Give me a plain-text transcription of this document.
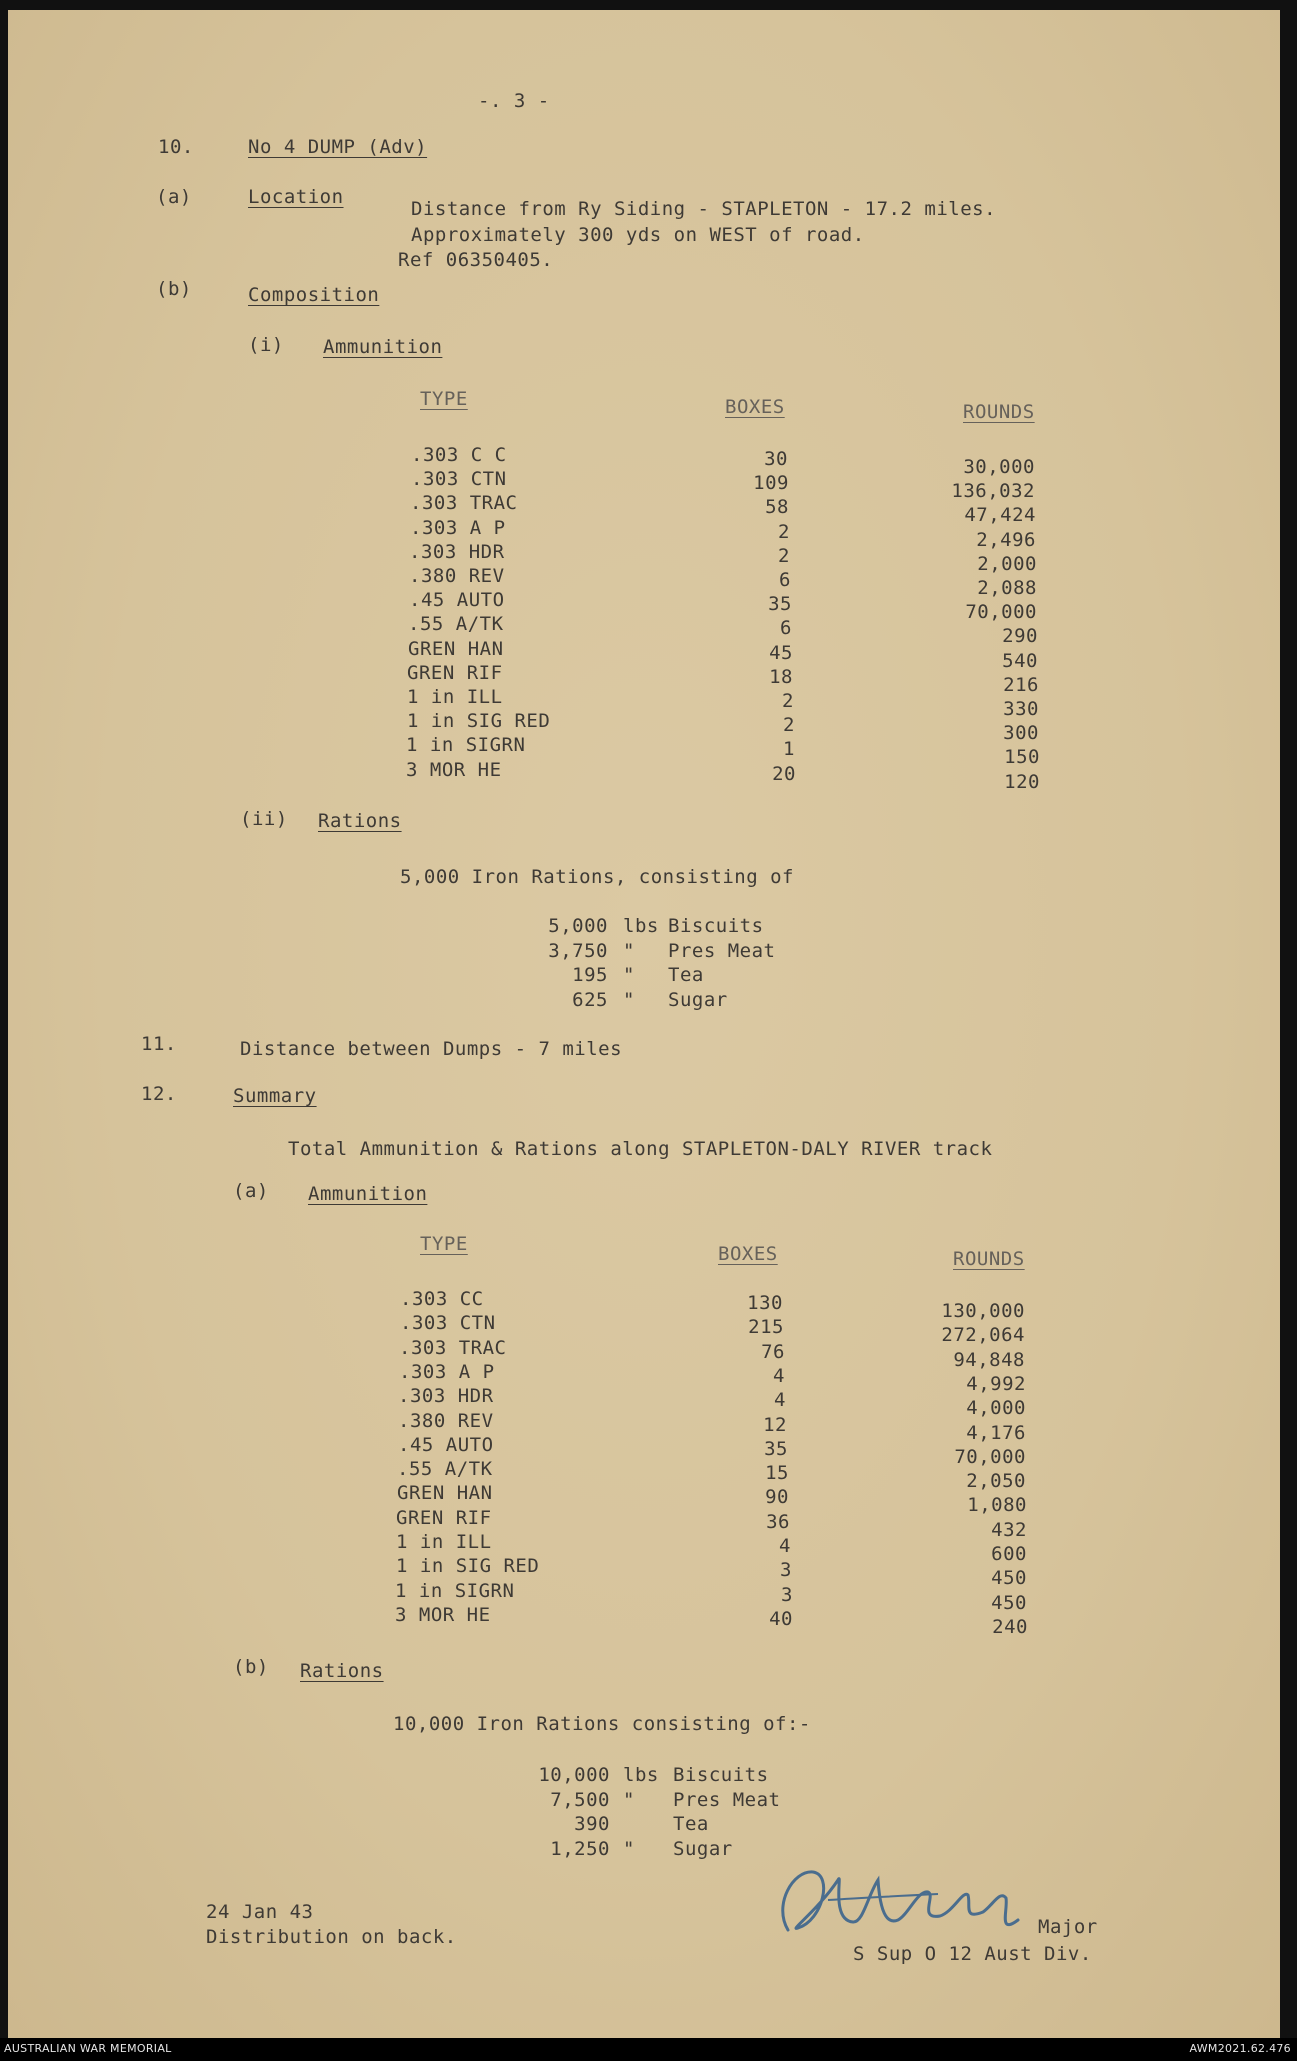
-. 3 -
10.	No 4 DUMP (Adv)
(a)	Location
Distance from Ry Siding - STAPLETON - 17.2 miles.
Approximately 300 yds on WEST of road.
Ref 06350405.
(b)	Composition
(i) Ammunition
TYPE	BOXES	ROUNDS
.303 C C	30	30,000
.303 CTN	109	136,032
.303 TRAC	58	47,424
.303 A P	2	2,496
.303 HDR	2	2,000
.380 REV	6	2,088
.45 AUTO	35	70,000
.55 A/TK	6	290
GREN HAN	45	540
GREN RIF	18	216
1 in ILL	2	330
1 in SIG RED	2	300
1 in SIGRN	1	150
3 MOR HE	20	120
(ii) Rations
5,000 Iron Rations, consisting of
5,000 lbs Biscuits
3,750 " Pres Meat
195 " Tea
625 " Sugar
11.	Distance between Dumps - 7 miles
12.	Summary
Total Ammunition & Rations along STAPLETON-DALY RIVER track
(a) Ammunition
TYPE	BOXES	ROUNDS
.303 CC	130	130,000
.303 CTN	215	272,064
.303 TRAC	76	94,848
.303 A P	4	4,992
.303 HDR	4	4,000
.380 REV	12	4,176
.45 AUTO	35	70,000
.55 A/TK	15	2,050
GREN HAN	90	1,080
GREN RIF	36	432
1 in ILL	4	600
1 in SIG RED	3	450
1 in SIGRN	3	450
3 MOR HE	40	240
(b) Rations
10,000 Iron Rations consisting of:-
10,000 lbs Biscuits
7,500 " Pres Meat
390	Tea
1,250 " Sugar
24 Jan 43
Distribution on back.	Major
S Sup O 12 Aust Div.
AUSTRALIAN WAR MEMORIAL	AWM2021.62.476
